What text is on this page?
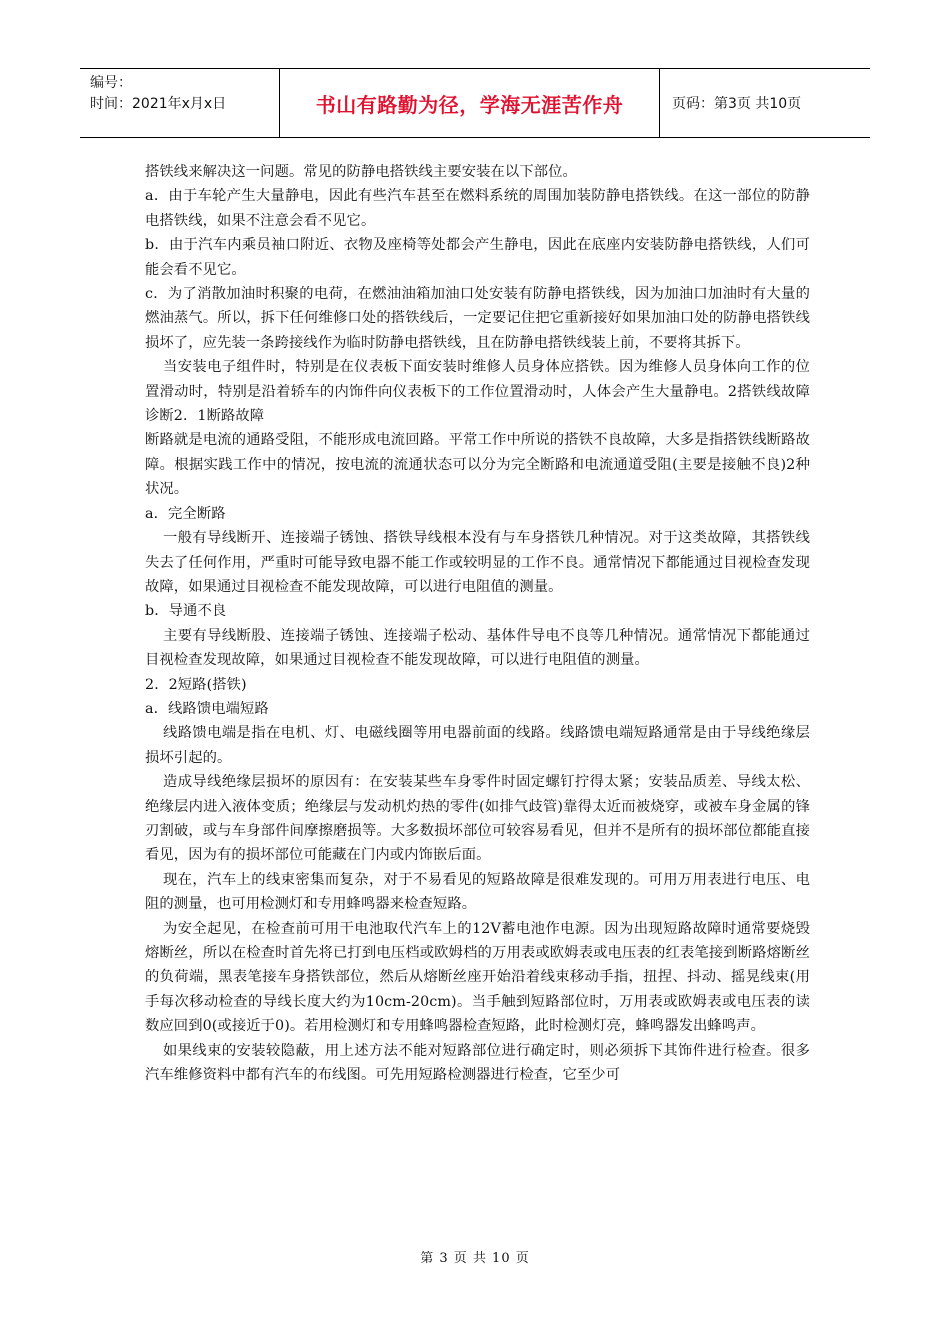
编号：
时间：2021年x月x日	书山有路勤为径，学海无涯苦作舟	页码：第3页 共10页

搭铁线来解决这一问题。常见的防静电搭铁线主要安装在以下部位。

a．由于车轮产生大量静电，因此有些汽车甚至在燃料系统的周围加装防静电搭铁线。在这一部位的防静电搭铁线，如果不注意会看不见它。

b．由于汽车内乘员袖口附近、衣物及座椅等处都会产生静电，因此在底座内安装防静电搭铁线，人们可能会看不见它。

c．为了消散加油时积聚的电荷，在燃油油箱加油口处安装有防静电搭铁线，因为加油口加油时有大量的燃油蒸气。所以，拆下任何维修口处的搭铁线后，一定要记住把它重新接好如果加油口处的防静电搭铁线损坏了，应先装一条跨接线作为临时防静电搭铁线，且在防静电搭铁线装上前，不要将其拆下。

当安装电子组件时，特别是在仪表板下面安装时维修人员身体应搭铁。因为维修人员身体向工作的位置滑动时，特别是沿着轿车的内饰件向仪表板下的工作位置滑动时，人体会产生大量静电。2搭铁线故障诊断2．1断路故障

断路就是电流的通路受阻，不能形成电流回路。平常工作中所说的搭铁不良故障，大多是指搭铁线断路故障。根据实践工作中的情况，按电流的流通状态可以分为完全断路和电流通道受阻(主要是接触不良)2种状况。

a．完全断路

一般有导线断开、连接端子锈蚀、搭铁导线根本没有与车身搭铁几种情况。对于这类故障，其搭铁线失去了任何作用，严重时可能导致电器不能工作或较明显的工作不良。通常情况下都能通过目视检查发现故障，如果通过目视检查不能发现故障，可以进行电阻值的测量。

b．导通不良

主要有导线断股、连接端子锈蚀、连接端子松动、基体件导电不良等几种情况。通常情况下都能通过目视检查发现故障，如果通过目视检查不能发现故障，可以进行电阻值的测量。

2．2短路(搭铁)

a．线路馈电端短路

线路馈电端是指在电机、灯、电磁线圈等用电器前面的线路。线路馈电端短路通常是由于导线绝缘层损坏引起的。

造成导线绝缘层损坏的原因有：在安装某些车身零件时固定螺钉拧得太紧；安装品质差、导线太松、绝缘层内进入液体变质；绝缘层与发动机灼热的零件(如排气歧管)靠得太近而被烧穿，或被车身金属的锋刃割破，或与车身部件间摩擦磨损等。大多数损坏部位可较容易看见，但并不是所有的损坏部位都能直接看见，因为有的损坏部位可能藏在门内或内饰嵌后面。

现在，汽车上的线束密集而复杂，对于不易看见的短路故障是很难发现的。可用万用表进行电压、电阻的测量，也可用检测灯和专用蜂鸣器来检查短路。

为安全起见，在检查前可用干电池取代汽车上的12V蓄电池作电源。因为出现短路故障时通常要烧毁熔断丝，所以在检查时首先将已打到电压档或欧姆档的万用表或欧姆表或电压表的红表笔接到断路熔断丝的负荷端，黑表笔接车身搭铁部位，然后从熔断丝座开始沿着线束移动手指，扭捏、抖动、摇晃线束(用手每次移动检查的导线长度大约为10cm-20cm)。当手触到短路部位时，万用表或欧姆表或电压表的读数应回到0(或接近于0)。若用检测灯和专用蜂鸣器检查短路，此时检测灯亮，蜂鸣器发出蜂鸣声。

如果线束的安装较隐蔽，用上述方法不能对短路部位进行确定时，则必须拆下其饰件进行检查。很多汽车维修资料中都有汽车的布线图。可先用短路检测器进行检查，它至少可

第 3 页 共 10 页
